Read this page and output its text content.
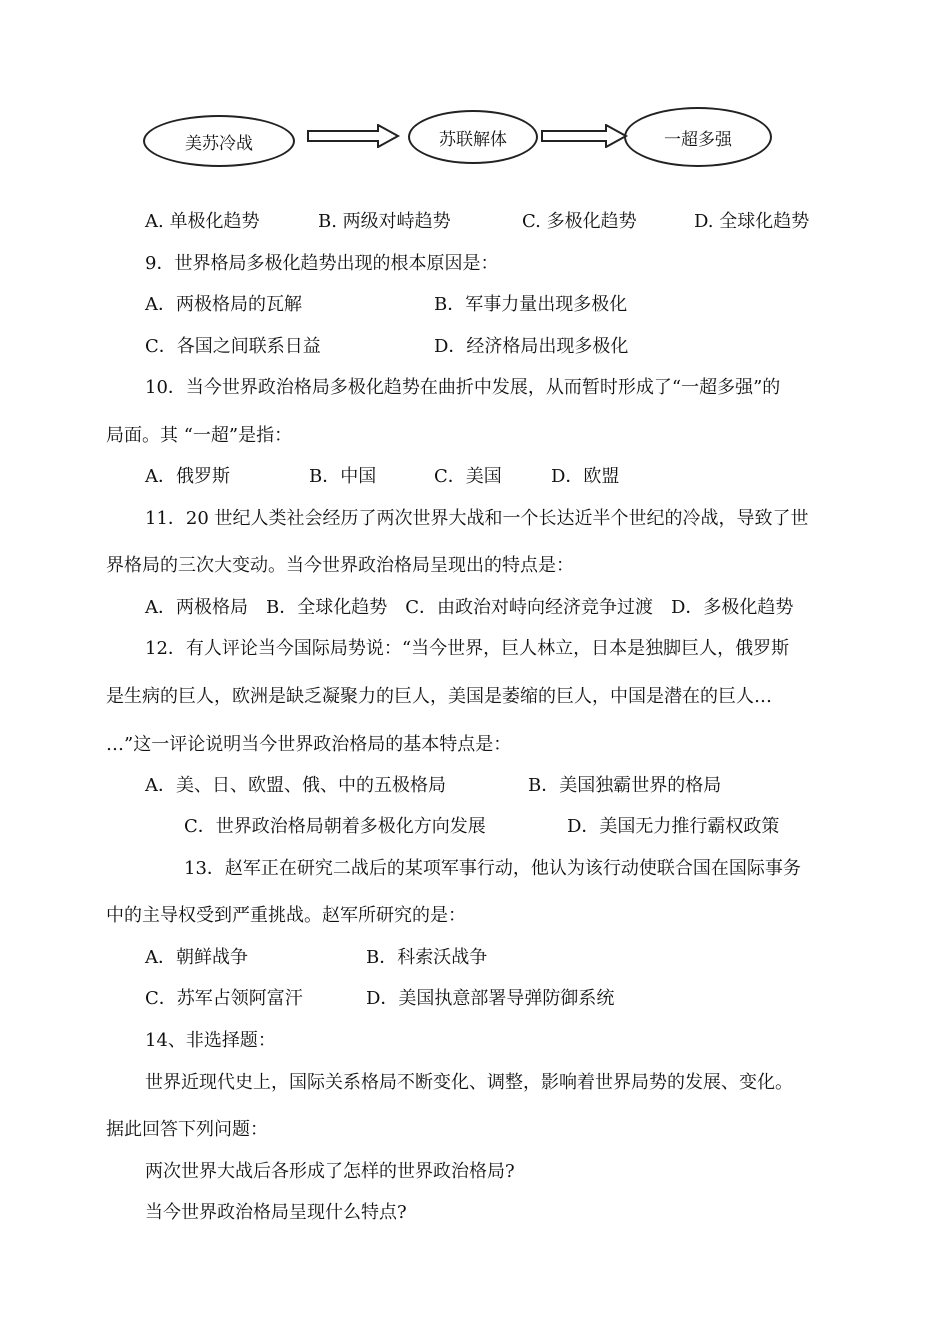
美苏冷战	苏联解体	一超多强
A. 单极化趋势	B. 两级对峙趋势	C. 多极化趋势	D. 全球化趋势
9．世界格局多极化趋势出现的根本原因是：
A．两极格局的瓦解	B．军事力量出现多极化
C．各国之间联系日益	D．经济格局出现多极化
10．当今世界政治格局多极化趋势在曲折中发展，从而暂时形成了“一超多强”的
局面。其 “一超”是指：
A．俄罗斯	B．中国	C．美国	D．欧盟
11．20 世纪人类社会经历了两次世界大战和一个长达近半个世纪的冷战，导致了世
界格局的三次大变动。当今世界政治格局呈现出的特点是：
A．两极格局　B．全球化趋势　C．由政治对峙向经济竞争过渡　D．多极化趋势
12．有人评论当今国际局势说：“当今世界，巨人林立，日本是独脚巨人，俄罗斯
是生病的巨人，欧洲是缺乏凝聚力的巨人，美国是萎缩的巨人，中国是潜在的巨人…
…”这一评论说明当今世界政治格局的基本特点是：
A．美、日、欧盟、俄、中的五极格局	B．美国独霸世界的格局
C．世界政治格局朝着多极化方向发展	D．美国无力推行霸权政策
13．赵军正在研究二战后的某项军事行动，他认为该行动使联合国在国际事务
中的主导权受到严重挑战。赵军所研究的是：
A．朝鲜战争	B．科索沃战争
C．苏军占领阿富汗	D．美国执意部署导弹防御系统
14、非选择题：
世界近现代史上，国际关系格局不断变化、调整，影响着世界局势的发展、变化。
据此回答下列问题：
两次世界大战后各形成了怎样的世界政治格局?
当今世界政治格局呈现什么特点?
